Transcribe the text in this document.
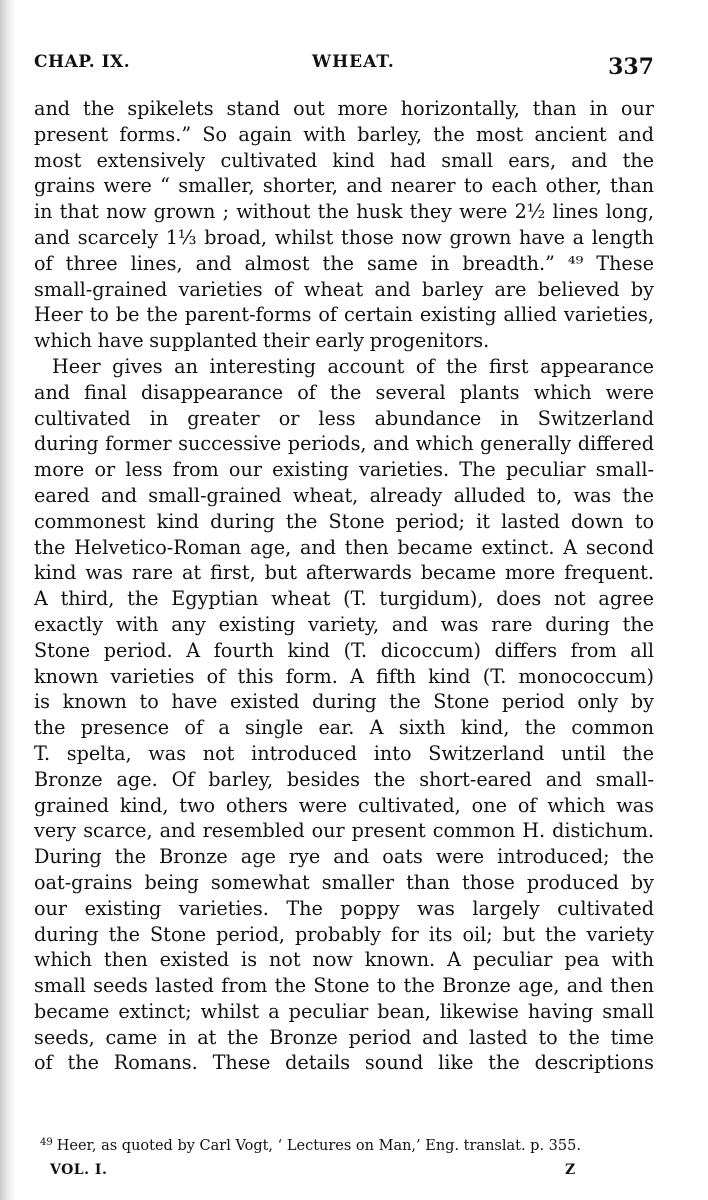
CHAP. IX.	WHEAT.	337
and the spikelets stand out more horizontally, than in our
present forms.” So again with barley, the most ancient and
most extensively cultivated kind had small ears, and the
grains were “ smaller, shorter, and nearer to each other, than
in that now grown ; without the husk they were 2½ lines long,
and scarcely 1⅓ broad, whilst those now grown have a length
of three lines, and almost the same in breadth.” ⁴⁹ These
small-grained varieties of wheat and barley are believed by
Heer to be the parent-forms of certain existing allied varieties,
which have supplanted their early progenitors.
Heer gives an interesting account of the first appearance
and final disappearance of the several plants which were
cultivated in greater or less abundance in Switzerland
during former successive periods, and which generally differed
more or less from our existing varieties. The peculiar small-
eared and small-grained wheat, already alluded to, was the
commonest kind during the Stone period; it lasted down to
the Helvetico-Roman age, and then became extinct. A second
kind was rare at first, but afterwards became more frequent.
A third, the Egyptian wheat (T. turgidum), does not agree
exactly with any existing variety, and was rare during the
Stone period. A fourth kind (T. dicoccum) differs from all
known varieties of this form. A fifth kind (T. monococcum)
is known to have existed during the Stone period only by
the presence of a single ear. A sixth kind, the common
T. spelta, was not introduced into Switzerland until the
Bronze age. Of barley, besides the short-eared and small-
grained kind, two others were cultivated, one of which was
very scarce, and resembled our present common H. distichum.
During the Bronze age rye and oats were introduced; the
oat-grains being somewhat smaller than those produced by
our existing varieties. The poppy was largely cultivated
during the Stone period, probably for its oil; but the variety
which then existed is not now known. A peculiar pea with
small seeds lasted from the Stone to the Bronze age, and then
became extinct; whilst a peculiar bean, likewise having small
seeds, came in at the Bronze period and lasted to the time
of the Romans. These details sound like the descriptions
$^{49}$ Heer, as quoted by Carl Vogt, ‘ Lectures on Man,’ Eng. translat. p. 355.
VOL. I.	Z
